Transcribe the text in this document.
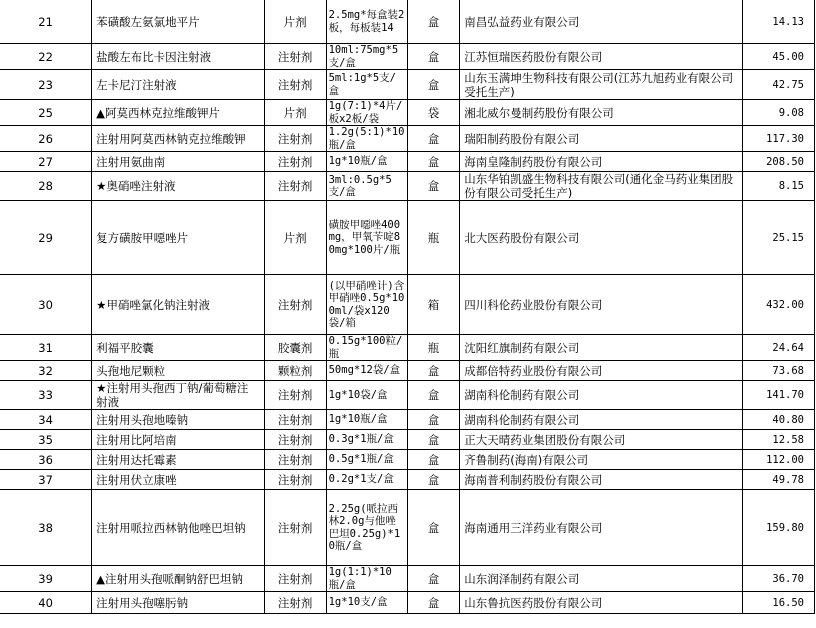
21	苯磺酸左氨氯地平片	片剂	2.5mg*每盒装2板，每板装14	盒	南昌弘益药业有限公司	14.13
22	盐酸左布比卡因注射液	注射剂	10ml:75mg*5支/盒	盒	江苏恒瑞医药股份有限公司	45.00
23	左卡尼汀注射液	注射剂	5ml:1g*5支/盒	盒	山东玉满坤生物科技有限公司(江苏九旭药业有限公司受托生产)	42.75
25	▲阿莫西林克拉维酸钾片	片剂	1g(7:1)*4片/板x2板/袋	袋	湘北威尔曼制药股份有限公司	9.08
26	注射用阿莫西林钠克拉维酸钾	注射剂	1.2g(5:1)*10瓶/盒	盒	瑞阳制药股份有限公司	117.30
27	注射用氨曲南	注射剂	1g*10瓶/盒	盒	海南皇隆制药股份有限公司	208.50
28	★奥硝唑注射液	注射剂	3ml:0.5g*5支/盒	盒	山东华铂凯盛生物科技有限公司(通化金马药业集团股份有限公司受托生产)	8.15
29	复方磺胺甲噁唑片	片剂	磺胺甲噁唑400mg，甲氧苄啶80mg*100片/瓶	瓶	北大医药股份有限公司	25.15
30	★甲硝唑氯化钠注射液	注射剂	(以甲硝唑计)含甲硝唑0.5g*100ml/袋x120袋/箱	箱	四川科伦药业股份有限公司	432.00
31	利福平胶囊	胶囊剂	0.15g*100粒/瓶	瓶	沈阳红旗制药有限公司	24.64
32	头孢地尼颗粒	颗粒剂	50mg*12袋/盒	盒	成都倍特药业股份有限公司	73.68
33	★注射用头孢西丁钠/葡萄糖注射液	注射剂	1g*10袋/盒	盒	湖南科伦制药有限公司	141.70
34	注射用头孢地嗪钠	注射剂	1g*10瓶/盒	盒	湖南科伦制药有限公司	40.80
35	注射用比阿培南	注射剂	0.3g*1瓶/盒	盒	正大天晴药业集团股份有限公司	12.58
36	注射用达托霉素	注射剂	0.5g*1瓶/盒	盒	齐鲁制药(海南)有限公司	112.00
37	注射用伏立康唑	注射剂	0.2g*1支/盒	盒	海南普利制药股份有限公司	49.78
38	注射用哌拉西林钠他唑巴坦钠	注射剂	2.25g(哌拉西林2.0g与他唑巴坦0.25g)*10瓶/盒	盒	海南通用三洋药业有限公司	159.80
39	▲注射用头孢哌酮钠舒巴坦钠	注射剂	1g(1:1)*10瓶/盒	盒	山东润泽制药有限公司	36.70
40	注射用头孢噻肟钠	注射剂	1g*10支/盒	盒	山东鲁抗医药股份有限公司	16.50
